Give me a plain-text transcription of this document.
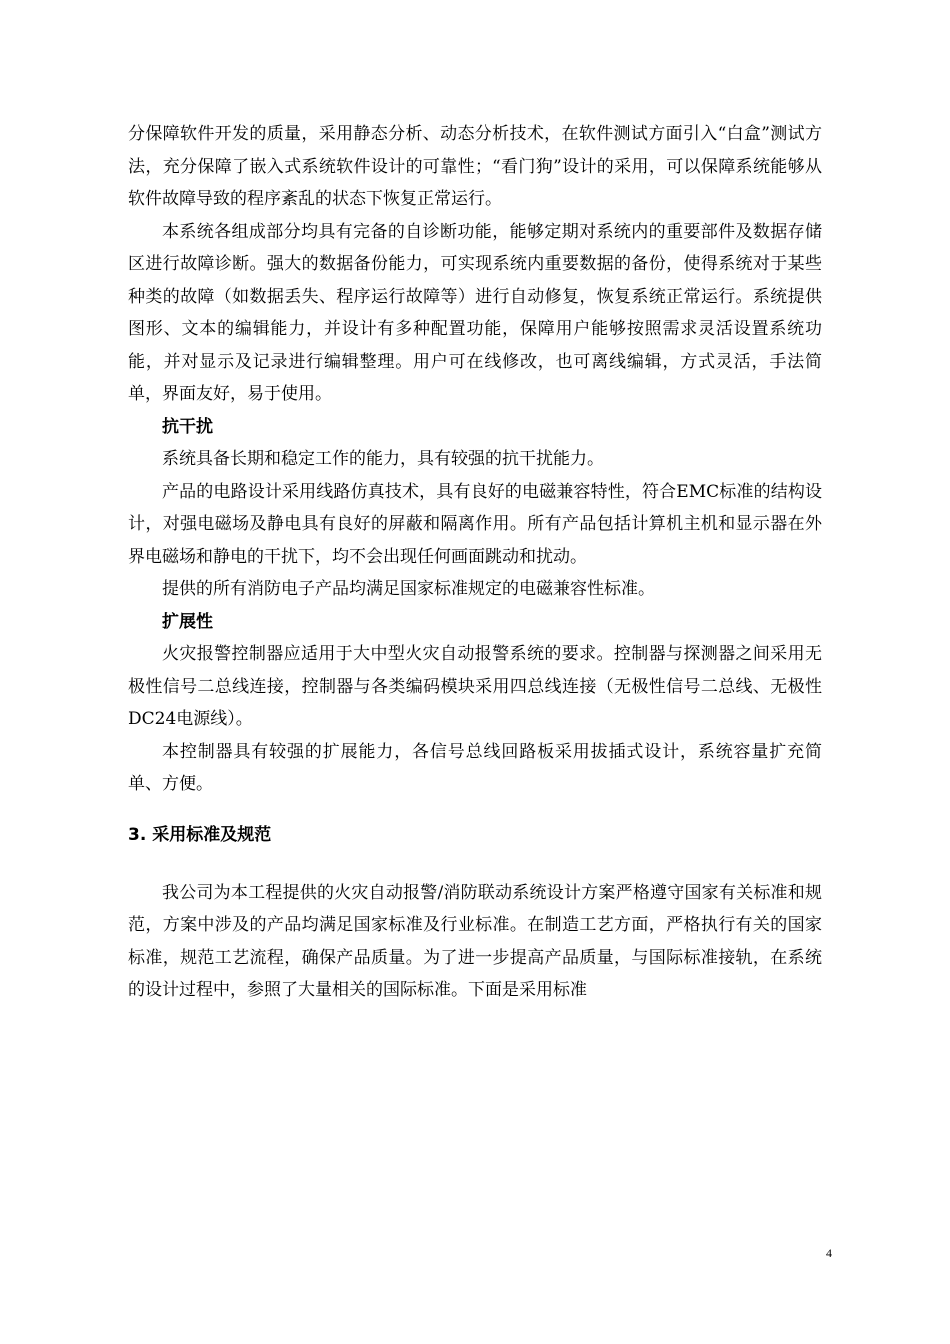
分保障软件开发的质量，采用静态分析、动态分析技术，在软件测试方面引入“白盒”测试方法，充分保障了嵌入式系统软件设计的可靠性；“看门狗”设计的采用，可以保障系统能够从软件故障导致的程序紊乱的状态下恢复正常运行。

本系统各组成部分均具有完备的自诊断功能，能够定期对系统内的重要部件及数据存储区进行故障诊断。强大的数据备份能力，可实现系统内重要数据的备份，使得系统对于某些种类的故障（如数据丢失、程序运行故障等）进行自动修复，恢复系统正常运行。系统提供图形、文本的编辑能力，并设计有多种配置功能，保障用户能够按照需求灵活设置系统功能，并对显示及记录进行编辑整理。用户可在线修改，也可离线编辑，方式灵活，手法简单，界面友好，易于使用。

抗干扰

系统具备长期和稳定工作的能力，具有较强的抗干扰能力。

产品的电路设计采用线路仿真技术，具有良好的电磁兼容特性，符合EMC标准的结构设计，对强电磁场及静电具有良好的屏蔽和隔离作用。所有产品包括计算机主机和显示器在外界电磁场和静电的干扰下，均不会出现任何画面跳动和扰动。

提供的所有消防电子产品均满足国家标准规定的电磁兼容性标准。

扩展性

火灾报警控制器应适用于大中型火灾自动报警系统的要求。控制器与探测器之间采用无极性信号二总线连接，控制器与各类编码模块采用四总线连接（无极性信号二总线、无极性DC24电源线）。

本控制器具有较强的扩展能力，各信号总线回路板采用拔插式设计，系统容量扩充简单、方便。

3. 采用标准及规范

我公司为本工程提供的火灾自动报警/消防联动系统设计方案严格遵守国家有关标准和规范，方案中涉及的产品均满足国家标准及行业标准。在制造工艺方面，严格执行有关的国家标准，规范工艺流程，确保产品质量。为了进一步提高产品质量，与国际标准接轨，在系统的设计过程中，参照了大量相关的国际标准。下面是采用标准

4
